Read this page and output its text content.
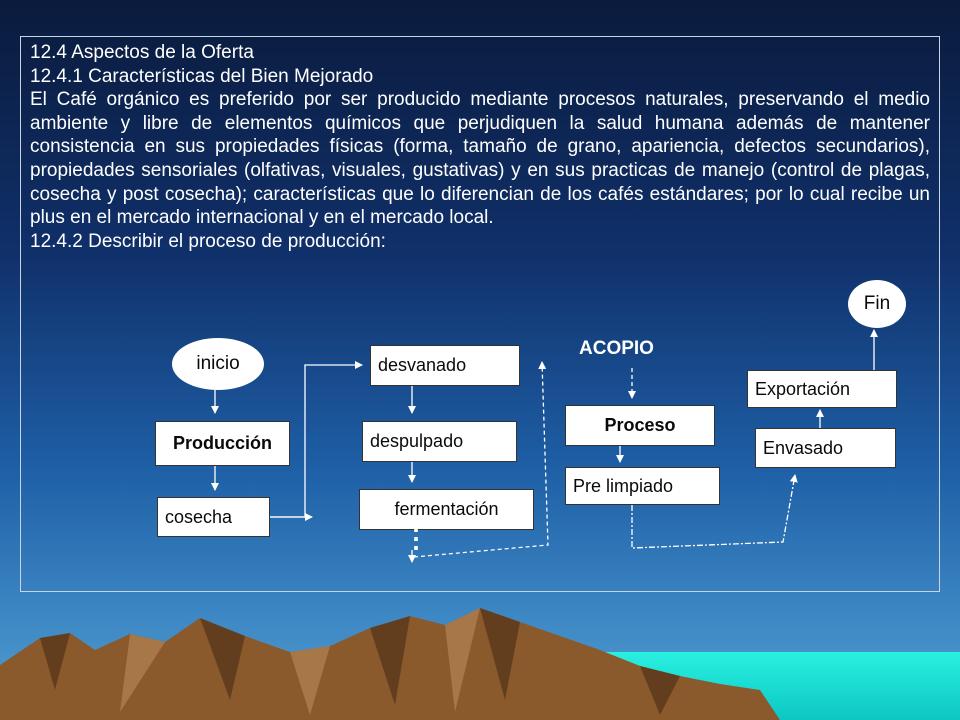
12.4 Aspectos de la Oferta

12.4.1 Características del Bien Mejorado

El Café orgánico es preferido por ser producido mediante procesos naturales, preservando el medio ambiente y libre de elementos químicos que perjudiquen la salud humana además de mantener consistencia en sus propiedades físicas (forma, tamaño de grano, apariencia, defectos secundarios), propiedades sensoriales (olfativas, visuales, gustativas) y en sus practicas de manejo (control de plagas, cosecha y post cosecha); características que lo diferencian de los cafés estándares; por lo cual recibe un plus en el mercado internacional y en el mercado local.

12.4.2 Describir el proceso de producción:

inicio
Producción
cosecha
desvanado
despulpado
fermentación
⋮
ACOPIO
Proceso
Pre limpiado
Envasado
Exportación
Fin
